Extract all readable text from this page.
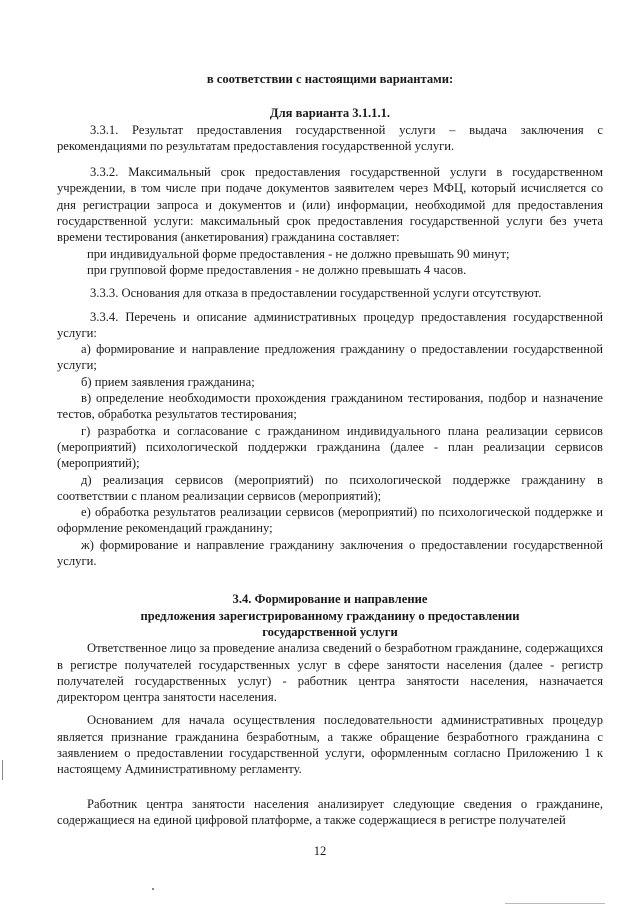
в соответствии с настоящими вариантами:

Для варианта 3.1.1.1.

3.3.1. Результат предоставления государственной услуги – выдача заключения с рекомендациями по результатам предоставления государственной услуги.

3.3.2. Максимальный срок предоставления государственной услуги в государственном учреждении, в том числе при подаче документов заявителем через МФЦ, который исчисляется со дня регистрации запроса и документов и (или) информации, необходимой для предоставления государственной услуги: максимальный срок предоставления государственной услуги без учета времени тестирования (анкетирования) гражданина составляет:

при индивидуальной форме предоставления - не должно превышать 90 минут;

при групповой форме предоставления - не должно превышать 4 часов.

3.3.3. Основания для отказа в предоставлении государственной услуги отсутствуют.

3.3.4. Перечень и описание административных процедур предоставления государственной услуги:

а) формирование и направление предложения гражданину о предоставлении государственной услуги;

б) прием заявления гражданина;

в) определение необходимости прохождения гражданином тестирования, подбор и назначение тестов, обработка результатов тестирования;

г) разработка и согласование с гражданином индивидуального плана реализации сервисов (мероприятий) психологической поддержки гражданина (далее - план реализации сервисов (мероприятий);

д) реализация сервисов (мероприятий) по психологической поддержке гражданину в соответствии с планом реализации сервисов (мероприятий);

е) обработка результатов реализации сервисов (мероприятий) по психологической поддержке и оформление рекомендаций гражданину;

ж) формирование и направление гражданину заключения о предоставлении государственной услуги.

3.4. Формирование и направление

предложения зарегистрированному гражданину о предоставлении

государственной услуги

Ответственное лицо за проведение анализа сведений о безработном гражданине, содержащихся в регистре получателей государственных услуг в сфере занятости населения (далее - регистр получателей государственных услуг) - работник центра занятости населения, назначается директором центра занятости населения.

Основанием для начала осуществления последовательности административных процедур является признание гражданина безработным, а также обращение безработного гражданина с заявлением о предоставлении государственной услуги, оформленным согласно Приложению 1 к настоящему Административному регламенту.

Работник центра занятости населения анализирует следующие сведения о гражданине, содержащиеся на единой цифровой платформе, а также содержащиеся в регистре получателей

12
